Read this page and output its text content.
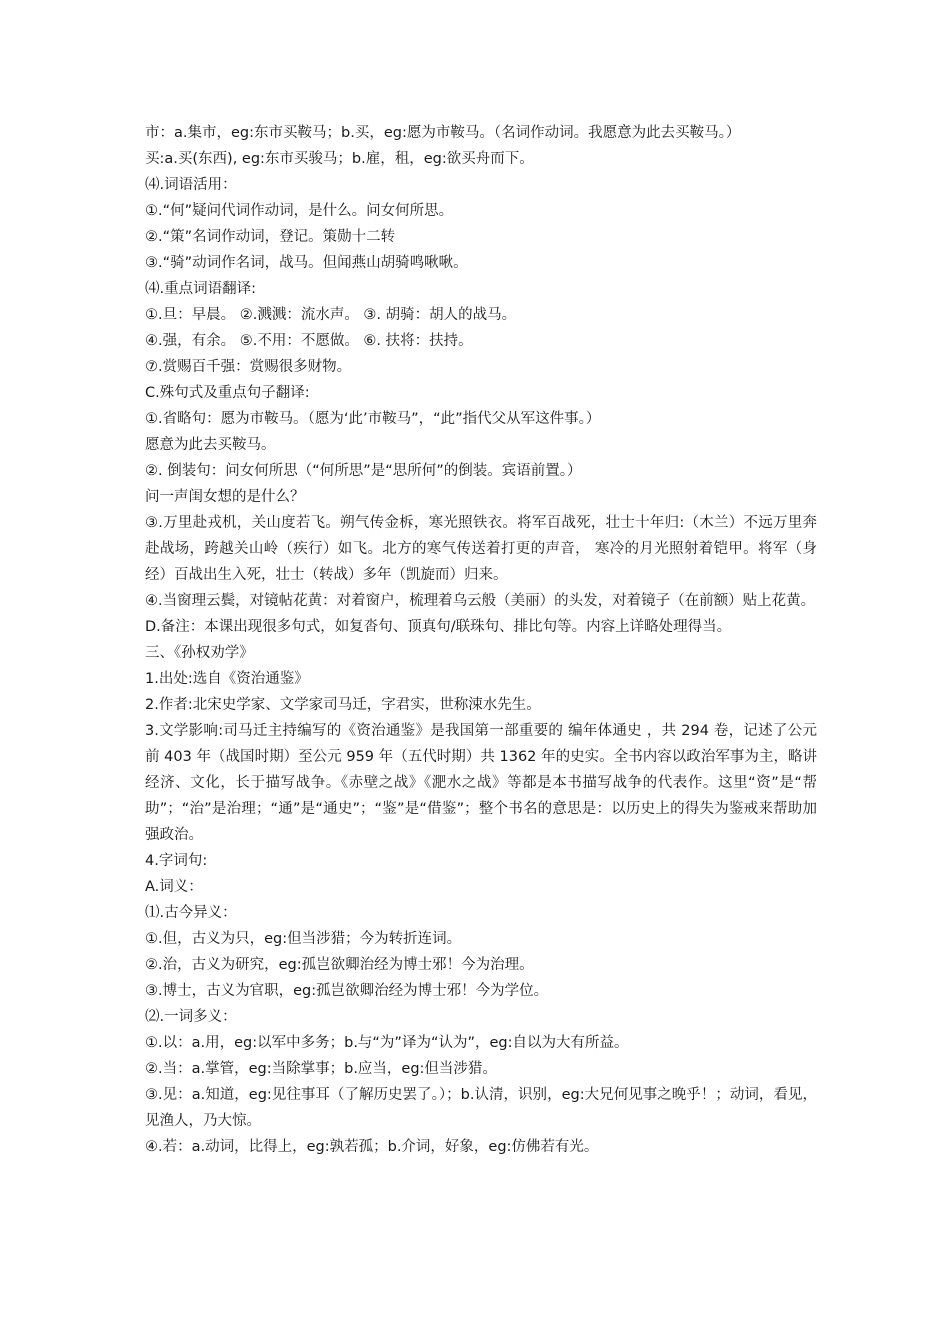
市：a.集市，eg:东市买鞍马；b.买，eg:愿为市鞍马。（名词作动词。我愿意为此去买鞍马。）

买:a.买(东西), eg:东市买骏马；b.雇，租，eg:欲买舟而下。

⑷.词语活用：

①.“何”疑问代词作动词，是什么。问女何所思。

②.“策”名词作动词，登记。策勋十二转

③.“骑”动词作名词，战马。但闻燕山胡骑鸣啾啾。

⑷.重点词语翻译:

①.旦：早晨。 ②.溅溅：流水声。 ③. 胡骑：胡人的战马。

④.强，有余。 ⑤.不用：不愿做。 ⑥. 扶将：扶持。

⑦.赏赐百千强：赏赐很多财物。

C.殊句式及重点句子翻译:

①.省略句：愿为市鞍马。（愿为‘此’市鞍马”，“此”指代父从军这件事。）

愿意为此去买鞍马。

②. 倒装句：问女何所思（“何所思”是“思所何”的倒装。宾语前置。）

问一声闺女想的是什么？

③.万里赴戎机，关山度若飞。朔气传金柝，寒光照铁衣。将军百战死，壮士十年归:（木兰）不远万里奔赴战场，跨越关山岭（疾行）如飞。北方的寒气传送着打更的声音， 寒冷的月光照射着铠甲。将军（身经）百战出生入死，壮士（转战）多年（凯旋而）归来。

④.当窗理云鬓，对镜帖花黄：对着窗户，梳理着乌云般（美丽）的头发，对着镜子（在前额）贴上花黄。

D.备注：本课出现很多句式，如复沓句、顶真句/联珠句、排比句等。内容上详略处理得当。

三、《孙权劝学》

1.出处:选自《资治通鉴》

2.作者:北宋史学家、文学家司马迁，字君实，世称涑水先生。

3.文学影响:司马迁主持编写的《资治通鉴》是我国第一部重要的 编年体通史 ，共 294 卷，记述了公元前 403 年（战国时期）至公元 959 年（五代时期）共 1362 年的史实。全书内容以政治军事为主，略讲经济、文化，长于描写战争。《赤壁之战》《淝水之战》等都是本书描写战争的代表作。这里“资”是“帮助”；“治”是治理；“通”是“通史”；“鉴”是“借鉴”；整个书名的意思是：以历史上的得失为鉴戒来帮助加强政治。

4.字词句:

A.词义：

⑴.古今异义：

①.但，古义为只，eg:但当涉猎；今为转折连词。

②.治，古义为研究，eg:孤岂欲卿治经为博士邪！今为治理。

③.博士，古义为官职，eg:孤岂欲卿治经为博士邪！今为学位。

⑵.一词多义：

①.以：a.用，eg:以军中多务；b.与“为”译为“认为”，eg:自以为大有所益。

②.当：a.掌管，eg:当除掌事；b.应当，eg:但当涉猎。

③.见：a.知道，eg:见往事耳（了解历史罢了。）；b.认清，识别，eg:大兄何见事之晚乎！；动词，看见，见渔人，乃大惊。

④.若：a.动词，比得上，eg:孰若孤；b.介词，好象，eg:仿佛若有光。
